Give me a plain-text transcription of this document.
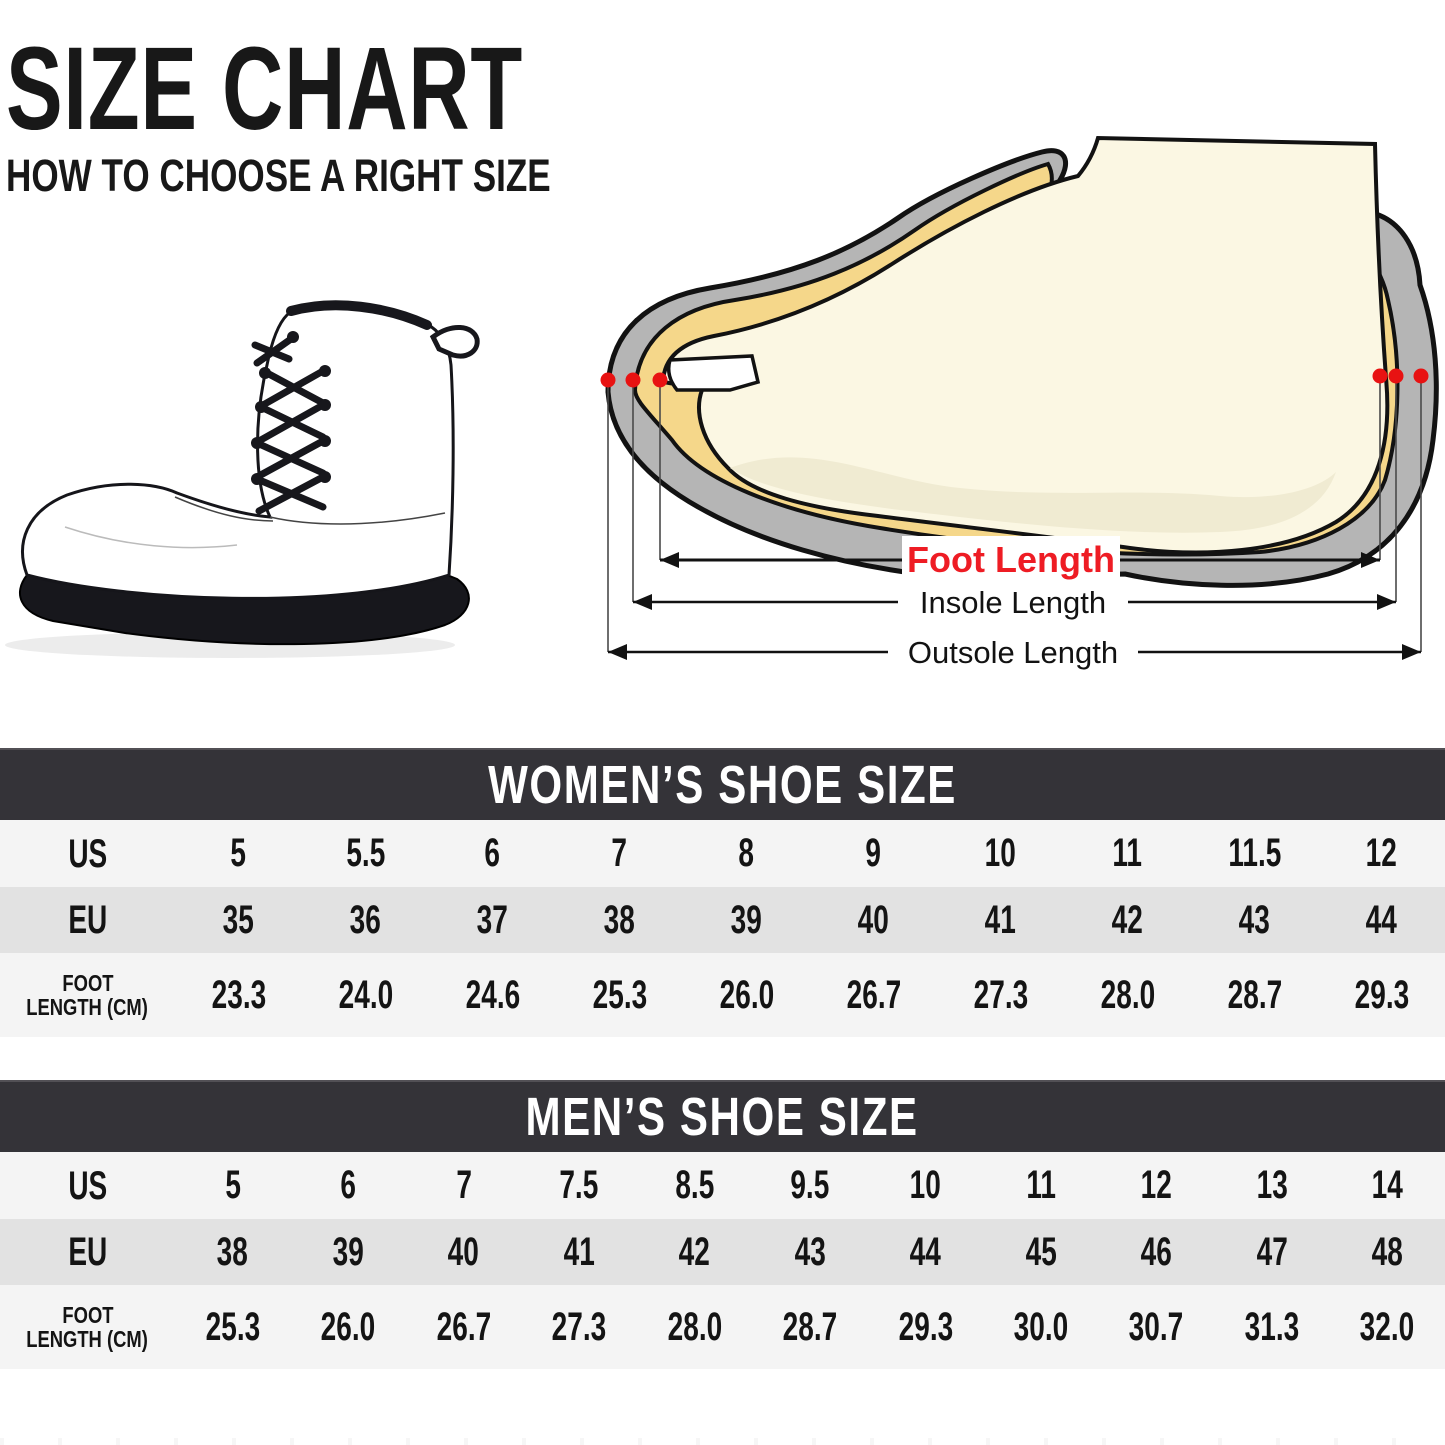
SIZE CHART
HOW TO CHOOSE A RIGHT SIZE
Foot Length
Insole Length
Outsole Length
WOMEN’S SHOE SIZE
US	5	5.5	6	7	8	9	10	11	11.5	12
EU	35	36	37	38	39	40	41	42	43	44
FOOT
LENGTH (CM)	23.3	24.0	24.6	25.3	26.0	26.7	27.3	28.0	28.7	29.3
MEN’S SHOE SIZE
US	5	6	7	7.5	8.5	9.5	10	11	12	13	14
EU	38	39	40	41	42	43	44	45	46	47	48
FOOT
LENGTH (CM)	25.3	26.0	26.7	27.3	28.0	28.7	29.3	30.0	30.7	31.3	32.0
